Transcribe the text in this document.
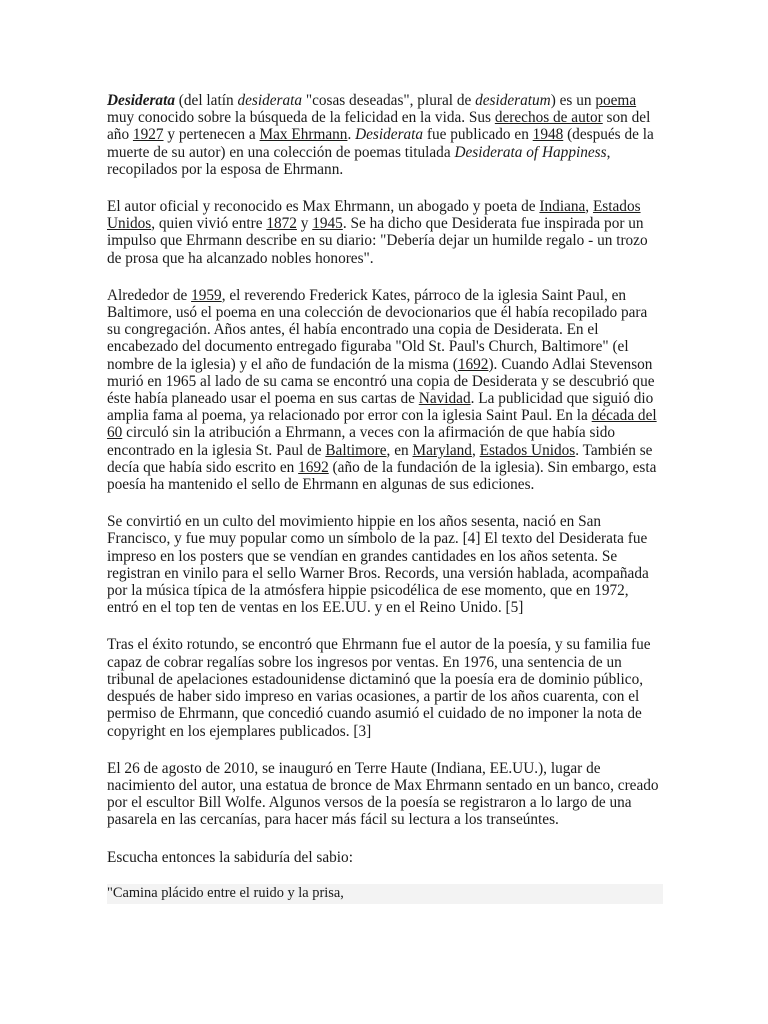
Desiderata (del latín desiderata "cosas deseadas", plural de desideratum) es un poema muy conocido sobre la búsqueda de la felicidad en la vida. Sus derechos de autor son del año 1927 y pertenecen a Max Ehrmann. Desiderata fue publicado en 1948 (después de la muerte de su autor) en una colección de poemas titulada Desiderata of Happiness, recopilados por la esposa de Ehrmann.

El autor oficial y reconocido es Max Ehrmann, un abogado y poeta de Indiana, Estados Unidos, quien vivió entre 1872 y 1945. Se ha dicho que Desiderata fue inspirada por un impulso que Ehrmann describe en su diario: "Debería dejar un humilde regalo - un trozo de prosa que ha alcanzado nobles honores".

Alrededor de 1959, el reverendo Frederick Kates, párroco de la iglesia Saint Paul, en Baltimore, usó el poema en una colección de devocionarios que él había recopilado para su congregación. Años antes, él había encontrado una copia de Desiderata. En el encabezado del documento entregado figuraba "Old St. Paul's Church, Baltimore" (el nombre de la iglesia) y el año de fundación de la misma (1692). Cuando Adlai Stevenson murió en 1965 al lado de su cama se encontró una copia de Desiderata y se descubrió que éste había planeado usar el poema en sus cartas de Navidad. La publicidad que siguió dio amplia fama al poema, ya relacionado por error con la iglesia Saint Paul. En la década del 60 circuló sin la atribución a Ehrmann, a veces con la afirmación de que había sido encontrado en la iglesia St. Paul de Baltimore, en Maryland, Estados Unidos. También se decía que había sido escrito en 1692 (año de la fundación de la iglesia). Sin embargo, esta poesía ha mantenido el sello de Ehrmann en algunas de sus ediciones.

Se convirtió en un culto del movimiento hippie en los años sesenta, nació en San Francisco, y fue muy popular como un símbolo de la paz. [4] El texto del Desiderata fue impreso en los posters que se vendían en grandes cantidades en los años setenta. Se registran en vinilo para el sello Warner Bros. Records, una versión hablada, acompañada por la música típica de la atmósfera hippie psicodélica de ese momento, que en 1972, entró en el top ten de ventas en los EE.UU. y en el Reino Unido. [5]

Tras el éxito rotundo, se encontró que Ehrmann fue el autor de la poesía, y su familia fue capaz de cobrar regalías sobre los ingresos por ventas. En 1976, una sentencia de un tribunal de apelaciones estadounidense dictaminó que la poesía era de dominio público, después de haber sido impreso en varias ocasiones, a partir de los años cuarenta, con el permiso de Ehrmann, que concedió cuando asumió el cuidado de no imponer la nota de copyright en los ejemplares publicados. [3]

El 26 de agosto de 2010, se inauguró en Terre Haute (Indiana, EE.UU.), lugar de nacimiento del autor, una estatua de bronce de Max Ehrmann sentado en un banco, creado por el escultor Bill Wolfe. Algunos versos de la poesía se registraron a lo largo de una pasarela en las cercanías, para hacer más fácil su lectura a los transeúntes.

Escucha entonces la sabiduría del sabio:

"Camina plácido entre el ruido y la prisa,
